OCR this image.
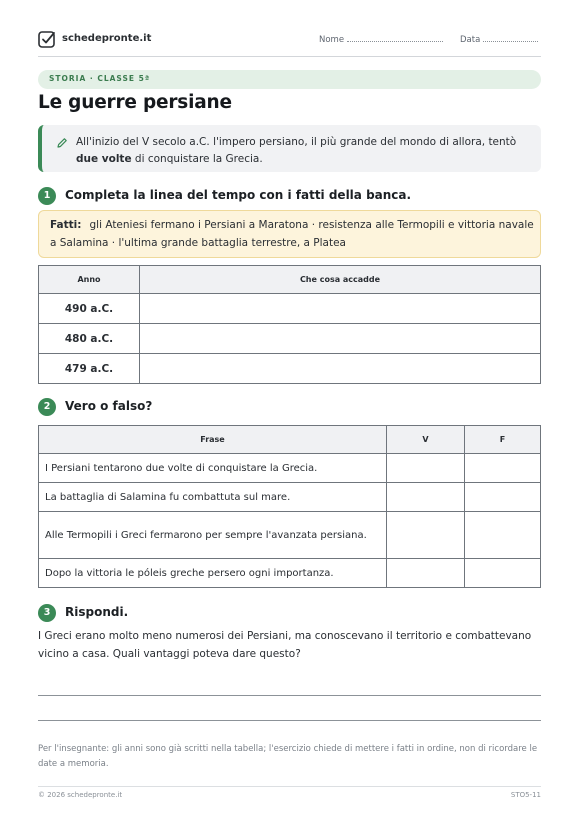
schedepronte.it	Nome	Data
STORIA · CLASSE 5ª
Le guerre persiane

All'inizio del V secolo a.C. l'impero persiano, il più grande del mondo di allora, tentò due volte di conquistare la Grecia.

1	Completa la linea del tempo con i fatti della banca.

Fatti: gli Ateniesi fermano i Persiani a Maratona · resistenza alle Termopili e vittoria navale a Salamina · l'ultima grande battaglia terrestre, a Platea

Anno	Che cosa accadde
490 a.C.	
480 a.C.	
479 a.C.	
2	Vero o falso?
Frase	V	F
I Persiani tentarono due volte di conquistare la Grecia.		
La battaglia di Salamina fu combattuta sul mare.		
Alle Termopili i Greci fermarono per sempre l'avanzata persiana.		
Dopo la vittoria le póleis greche persero ogni importanza.		
3	Rispondi.
I Greci erano molto meno numerosi dei Persiani, ma conoscevano il territorio e combattevano vicino a casa. Quali vantaggi poteva dare questo?
Per l'insegnante: gli anni sono già scritti nella tabella; l'esercizio chiede di mettere i fatti in ordine, non di ricordare le date a memoria.
© 2026 schedepronte.it	STO5-11
